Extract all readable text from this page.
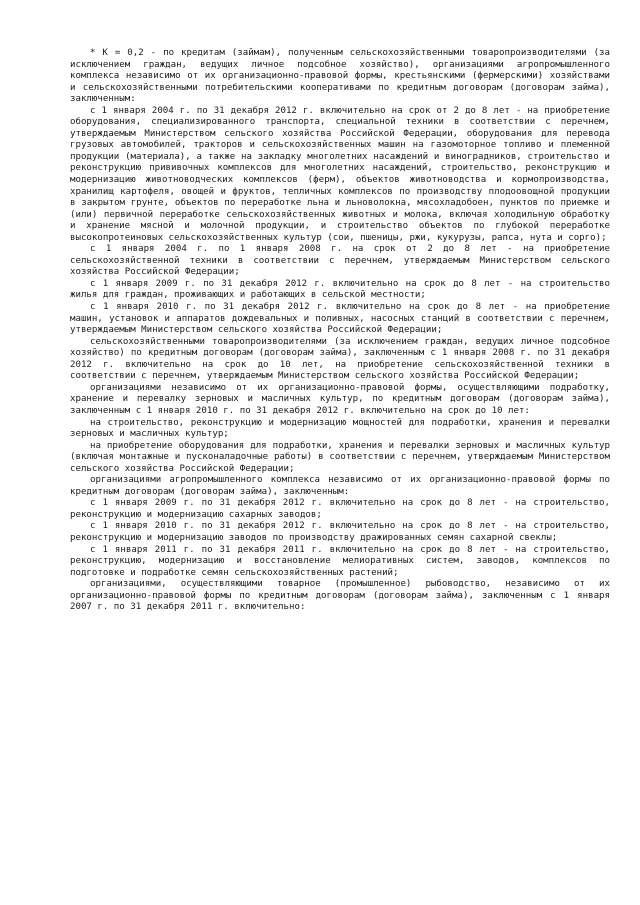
* К = 0,2 - по кредитам (займам), полученным сельскохозяйственными товаропроизводителями (за исключением граждан, ведущих личное подсобное хозяйство), организациями агропромышленного комплекса независимо от их организационно-правовой формы, крестьянскими (фермерскими) хозяйствами и сельскохозяйственными потребительскими кооперативами по кредитным договорам (договорам займа), заключенным:

с 1 января 2004 г. по 31 декабря 2012 г. включительно на срок от 2 до 8 лет - на приобретение оборудования, специализированного транспорта, специальной техники в соответствии с перечнем, утверждаемым Министерством сельского хозяйства Российской Федерации, оборудования для перевода грузовых автомобилей, тракторов и сельскохозяйственных машин на газомоторное топливо и племенной продукции (материала), а также на закладку многолетних насаждений и виноградников, строительство и реконструкцию прививочных комплексов для многолетних насаждений, строительство, реконструкцию и модернизацию животноводческих комплексов (ферм), объектов животноводства и кормопроизводства, хранилищ картофеля, овощей и фруктов, тепличных комплексов по производству плодоовощной продукции в закрытом грунте, объектов по переработке льна и льноволокна, мясохладобоен, пунктов по приемке и (или) первичной переработке сельскохозяйственных животных и молока, включая холодильную обработку и хранение мясной и молочной продукции, и строительство объектов по глубокой переработке высокопротеиновых сельскохозяйственных культур (сои, пшеницы, ржи, кукурузы, рапса, нута и сорго);

с 1 января 2004 г. по 1 января 2008 г. на срок от 2 до 8 лет - на приобретение сельскохозяйственной техники в соответствии с перечнем, утверждаемым Министерством сельского хозяйства Российской Федерации;

с 1 января 2009 г. по 31 декабря 2012 г. включительно на срок до 8 лет - на строительство жилья для граждан, проживающих и работающих в сельской местности;

с 1 января 2010 г. по 31 декабря 2012 г. включительно на срок до 8 лет - на приобретение машин, установок и аппаратов дождевальных и поливных, насосных станций в соответствии с перечнем, утверждаемым Министерством сельского хозяйства Российской Федерации;

сельскохозяйственными товаропроизводителями (за исключением граждан, ведущих личное подсобное хозяйство) по кредитным договорам (договорам займа), заключенным с 1 января 2008 г. по 31 декабря 2012 г. включительно на срок до 10 лет, на приобретение сельскохозяйственной техники в соответствии с перечнем, утверждаемым Министерством сельского хозяйства Российской Федерации;

организациями независимо от их организационно-правовой формы, осуществляющими подработку, хранение и перевалку зерновых и масличных культур, по кредитным договорам (договорам займа), заключенным с 1 января 2010 г. по 31 декабря 2012 г. включительно на срок до 10 лет:

на строительство, реконструкцию и модернизацию мощностей для подработки, хранения и перевалки зерновых и масличных культур;

на приобретение оборудования для подработки, хранения и перевалки зерновых и масличных культур (включая монтажные и пусконаладочные работы) в соответствии с перечнем, утверждаемым Министерством сельского хозяйства Российской Федерации;

организациями агропромышленного комплекса независимо от их организационно-правовой формы по кредитным договорам (договорам займа), заключенным:

с 1 января 2009 г. по 31 декабря 2012 г. включительно на срок до 8 лет - на строительство, реконструкцию и модернизацию сахарных заводов;

с 1 января 2010 г. по 31 декабря 2012 г. включительно на срок до 8 лет - на строительство, реконструкцию и модернизацию заводов по производству дражированных семян сахарной свеклы;

с 1 января 2011 г. по 31 декабря 2011 г. включительно на срок до 8 лет - на строительство, реконструкцию, модернизацию и восстановление мелиоративных систем, заводов, комплексов по подготовке и подработке семян сельскохозяйственных растений;

организациями, осуществляющими товарное (промышленное) рыбоводство, независимо от их организационно-правовой формы по кредитным договорам (договорам займа), заключенным с 1 января 2007 г. по 31 декабря 2011 г. включительно:
